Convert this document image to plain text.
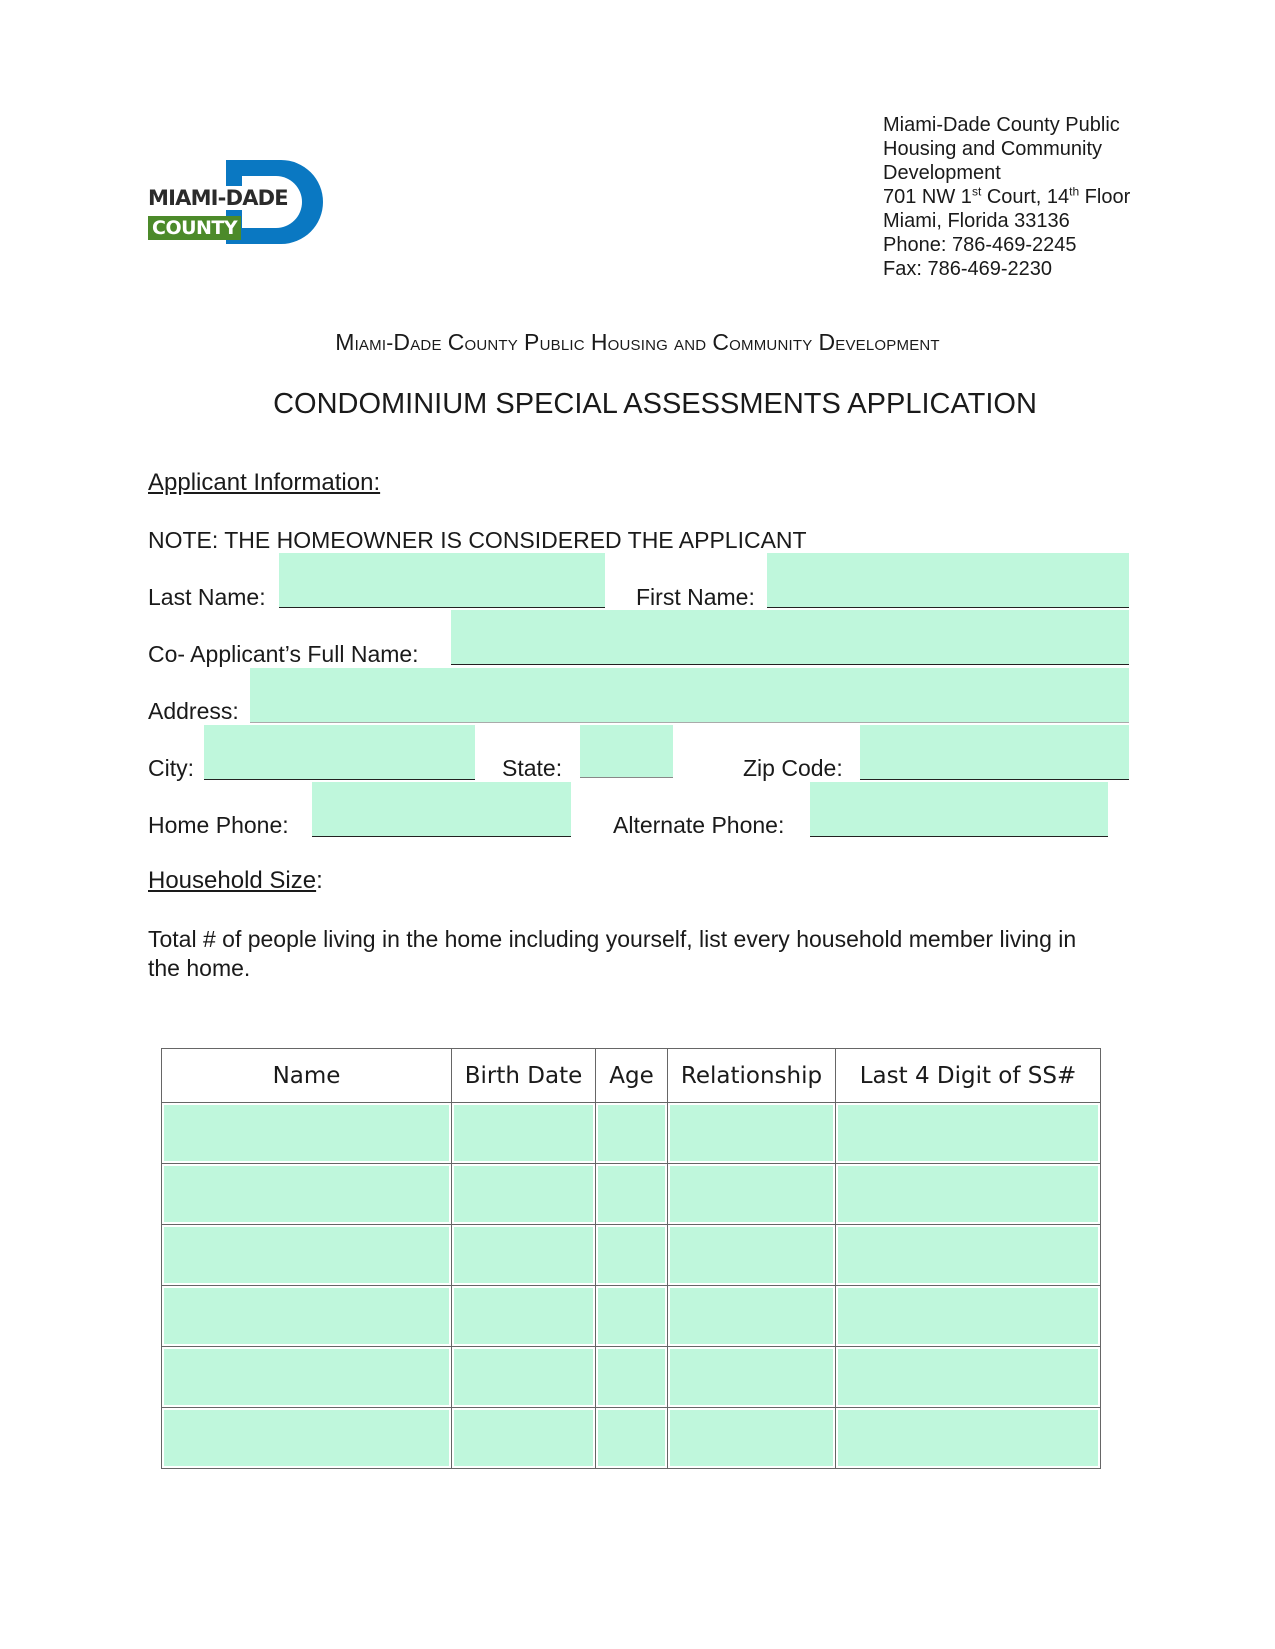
MIAMI-DADE
COUNTY
Miami-Dade County Public
Housing and Community
Development
701 NW 1st Court, 14th Floor
Miami, Florida 33136
Phone: 786-469-2245
Fax: 786-469-2230
Miami-Dade County Public Housing and Community Development
CONDOMINIUM SPECIAL ASSESSMENTS APPLICATION
Applicant Information:
NOTE: THE HOMEOWNER IS CONSIDERED THE APPLICANT
Last Name:	First Name:
Co- Applicant’s Full Name:
Address:
City:	State:	Zip Code:
Home Phone:	Alternate Phone:
Household Size:
Total # of people living in the home including yourself, list every household member living in the home.
Name	Birth Date	Age	Relationship	Last 4 Digit of SS#
